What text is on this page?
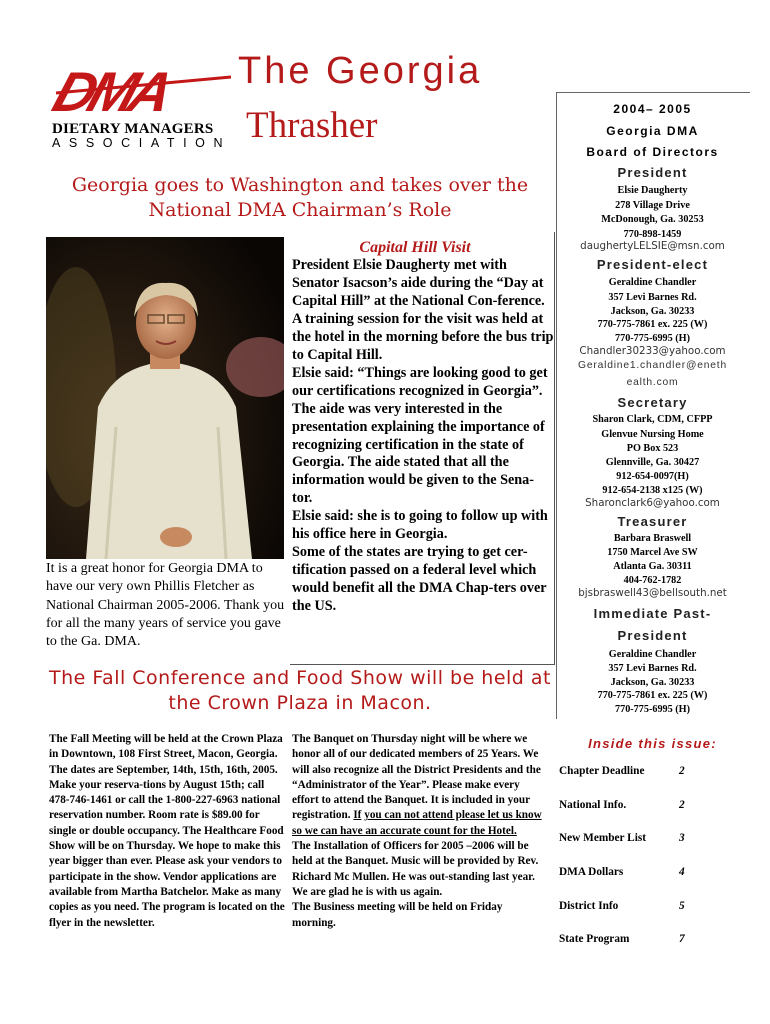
DMA
DIETARY MANAGERS
ASSOCIATION
The Georgia
Thrasher
Georgia goes to Washington and takes over the National DMA Chairman’s Role
It is a great honor for Georgia DMA to have our very own Phillis Fletcher as National Chairman 2005-2006. Thank you for all the many years of service you gave to the Ga. DMA.
Capital Hill Visit

President Elsie Daugherty met with Senator Isacson’s aide during the “Day at Capital Hill” at the National Con-ference.

A training session for the visit was held at the hotel in the morning before the bus trip to Capital Hill.

Elsie said: “Things are looking good to get our certifications recognized in Georgia”.

The aide was very interested in the presentation explaining the importance of recognizing certification in the state of Georgia. The aide stated that all the information would be given to the Sena-tor.

Elsie said: she is to going to follow up with his office here in Georgia.

Some of the states are trying to get cer-tification passed on a federal level which would benefit all the DMA Chap-ters over the US.

The Fall Conference and Food Show will be held at the Crown Plaza in Macon.
The Fall Meeting will be held at the Crown Plaza in Downtown, 108 First Street, Macon, Georgia. The dates are September, 14th, 15th, 16th, 2005. Make your reserva-tions by August 15th; call 478-746-1461 or call the 1-800-227-6963 national reservation number. Room rate is $89.00 for single or double occupancy. The Healthcare Food Show will be on Thursday. We hope to make this year bigger than ever. Please ask your vendors to participate in the show. Vendor applications are available from Martha Batchelor. Make as many copies as you need. The program is located on the flyer in the newsletter.
The Banquet on Thursday night will be where we honor all of our dedicated members of 25 Years. We will also recognize all the District Presidents and the “Administrator of the Year”. Please make every effort to attend the Banquet. It is included in your registration. If you can not attend please let us know so we can have an accurate count for the Hotel.
The Installation of Officers for 2005 –2006 will be held at the Banquet. Music will be provided by Rev. Richard Mc Mullen. He was out-standing last year. We are glad he is with us again.
The Business meeting will be held on Friday morning.
2004– 2005
Georgia DMA
Board of Directors
President
Elsie Daugherty
278 Village Drive
McDonough, Ga. 30253
770-898-1459
daughertyLELSIE@msn.com
President-elect
Geraldine Chandler
357 Levi Barnes Rd.
Jackson, Ga. 30233
770-775-7861 ex. 225 (W)
770-775-6995 (H)
Chandler30233@yahoo.com
Geraldine1.chandler@eneth
ealth.com
Secretary
Sharon Clark, CDM, CFPP
Glenvue Nursing Home
PO Box 523
Glennville, Ga. 30427
912-654-0097(H)
912-654-2138 x125 (W)
Sharonclark6@yahoo.com
Treasurer
Barbara Braswell
1750 Marcel Ave SW
Atlanta Ga. 30311
404-762-1782
bjsbraswell43@bellsouth.net
Immediate Past-
President
Geraldine Chandler
357 Levi Barnes Rd.
Jackson, Ga. 30233
770-775-7861 ex. 225 (W)
770-775-6995 (H)
Inside this issue:
Chapter Deadline	2
National Info.	2
New Member List	3
DMA Dollars	4
District Info	5
State Program	7
